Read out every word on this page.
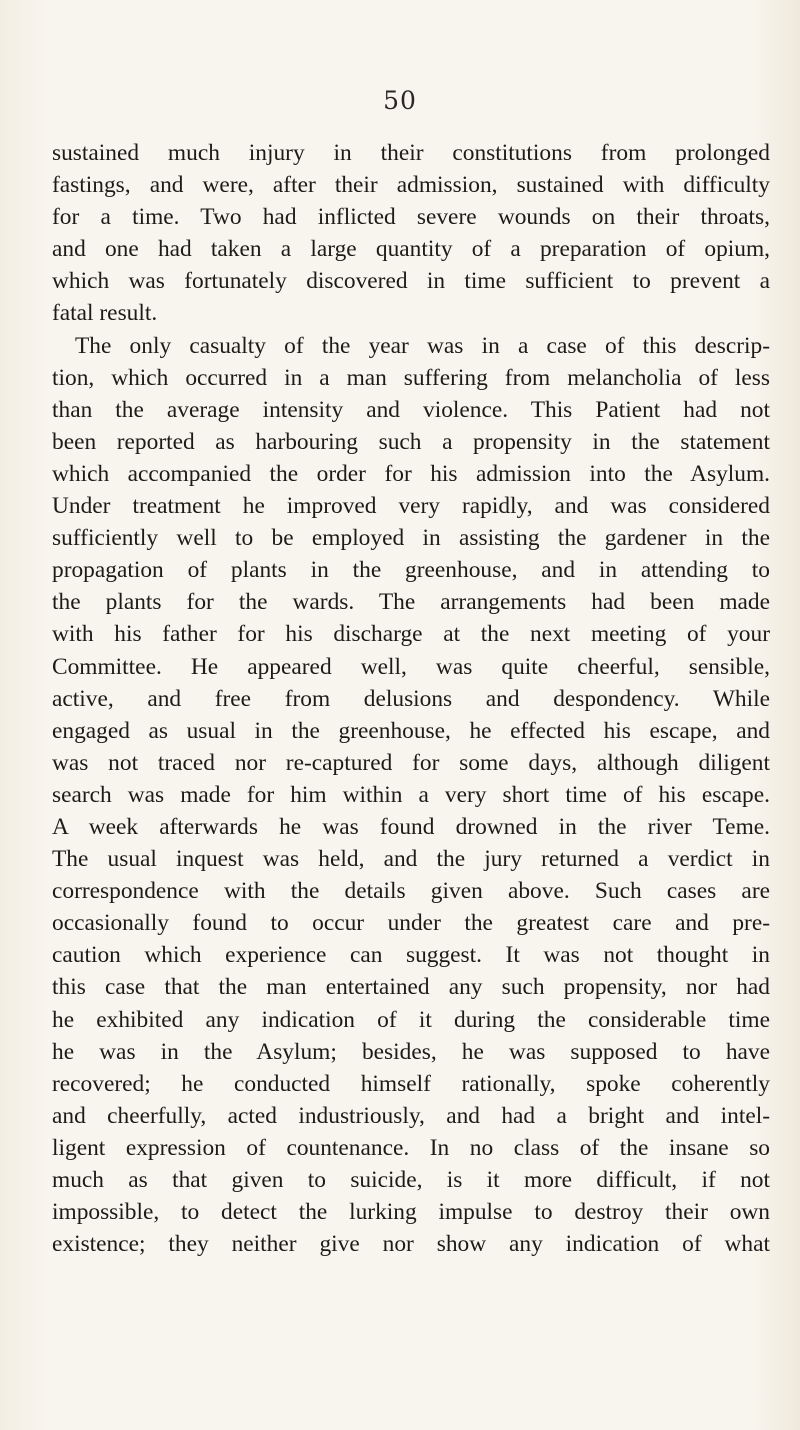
50
sustained much injury in their constitutions from prolonged
fastings, and were, after their admission, sustained with difficulty
for a time. Two had inflicted severe wounds on their throats,
and one had taken a large quantity of a preparation of opium,
which was fortunately discovered in time sufficient to prevent a
fatal result.
The only casualty of the year was in a case of this descrip-
tion, which occurred in a man suffering from melancholia of less
than the average intensity and violence. This Patient had not
been reported as harbouring such a propensity in the statement
which accompanied the order for his admission into the Asylum.
Under treatment he improved very rapidly, and was considered
sufficiently well to be employed in assisting the gardener in the
propagation of plants in the greenhouse, and in attending to
the plants for the wards. The arrangements had been made
with his father for his discharge at the next meeting of your
Committee. He appeared well, was quite cheerful, sensible,
active, and free from delusions and despondency. While
engaged as usual in the greenhouse, he effected his escape, and
was not traced nor re-captured for some days, although diligent
search was made for him within a very short time of his escape.
A week afterwards he was found drowned in the river Teme.
The usual inquest was held, and the jury returned a verdict in
correspondence with the details given above. Such cases are
occasionally found to occur under the greatest care and pre-
caution which experience can suggest. It was not thought in
this case that the man entertained any such propensity, nor had
he exhibited any indication of it during the considerable time
he was in the Asylum; besides, he was supposed to have
recovered; he conducted himself rationally, spoke coherently
and cheerfully, acted industriously, and had a bright and intel-
ligent expression of countenance. In no class of the insane so
much as that given to suicide, is it more difficult, if not
impossible, to detect the lurking impulse to destroy their own
existence; they neither give nor show any indication of what
